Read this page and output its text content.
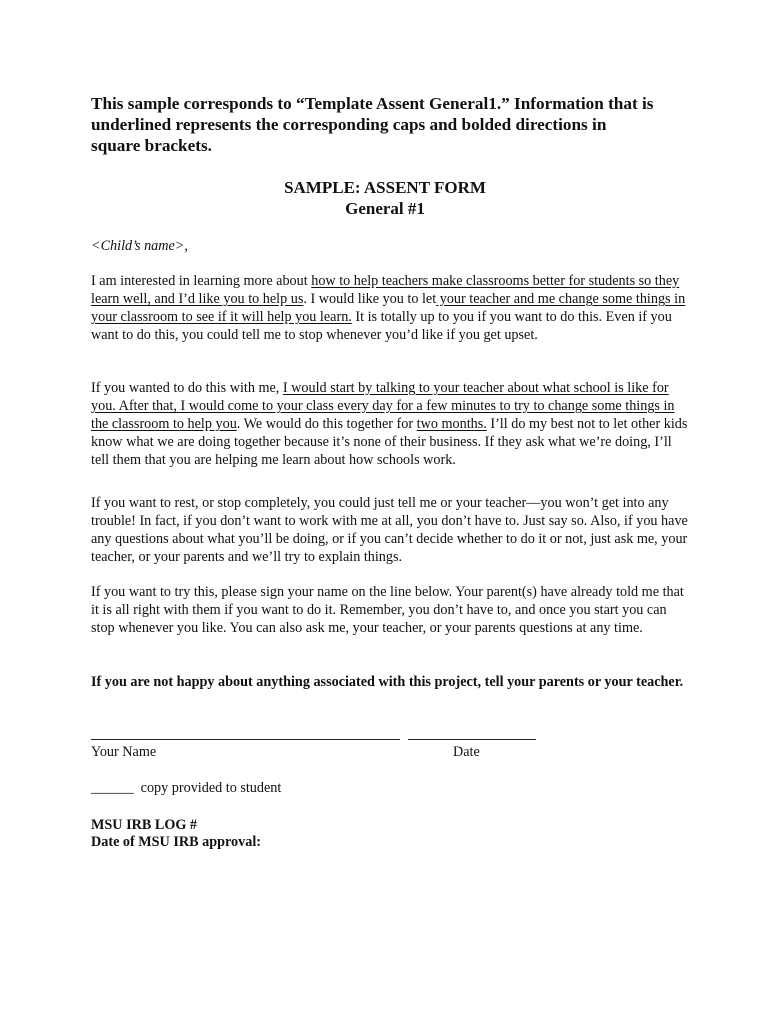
This sample corresponds to “Template Assent General1.” Information that is
underlined represents the corresponding caps and bolded directions in
square brackets.
SAMPLE: ASSENT FORM
General #1

<Child’s name>,

I am interested in learning more about how to help teachers make classrooms better for students so they learn well, and I’d like you to help us. I would like you to let your teacher and me change some things in your classroom to see if it will help you learn. It is totally up to you if you want to do this. Even if you want to do this, you could tell me to stop whenever you’d like if you get upset.

If you wanted to do this with me, I would start by talking to your teacher about what school is like for you. After that, I would come to your class every day for a few minutes to try to change some things in the classroom to help you. We would do this together for two months. I’ll do my best not to let other kids know what we are doing together because it’s none of their business. If they ask what we’re doing, I’ll tell them that you are helping me learn about how schools work.

If you want to rest, or stop completely, you could just tell me or your teacher—you won’t get into any trouble! In fact, if you don’t want to work with me at all, you don’t have to. Just say so. Also, if you have any questions about what you’ll be doing, or if you can’t decide whether to do it or not, just ask me, your teacher, or your parents and we’ll try to explain things.

If you want to try this, please sign your name on the line below. Your parent(s) have already told me that it is all right with them if you want to do it. Remember, you don’t have to, and once you start you can stop whenever you like. You can also ask me, your teacher, or your parents questions at any time.

If you are not happy about anything associated with this project, tell your parents or your teacher.

Your Name	Date
______  copy provided to student
MSU IRB LOG #
Date of MSU IRB approval:
